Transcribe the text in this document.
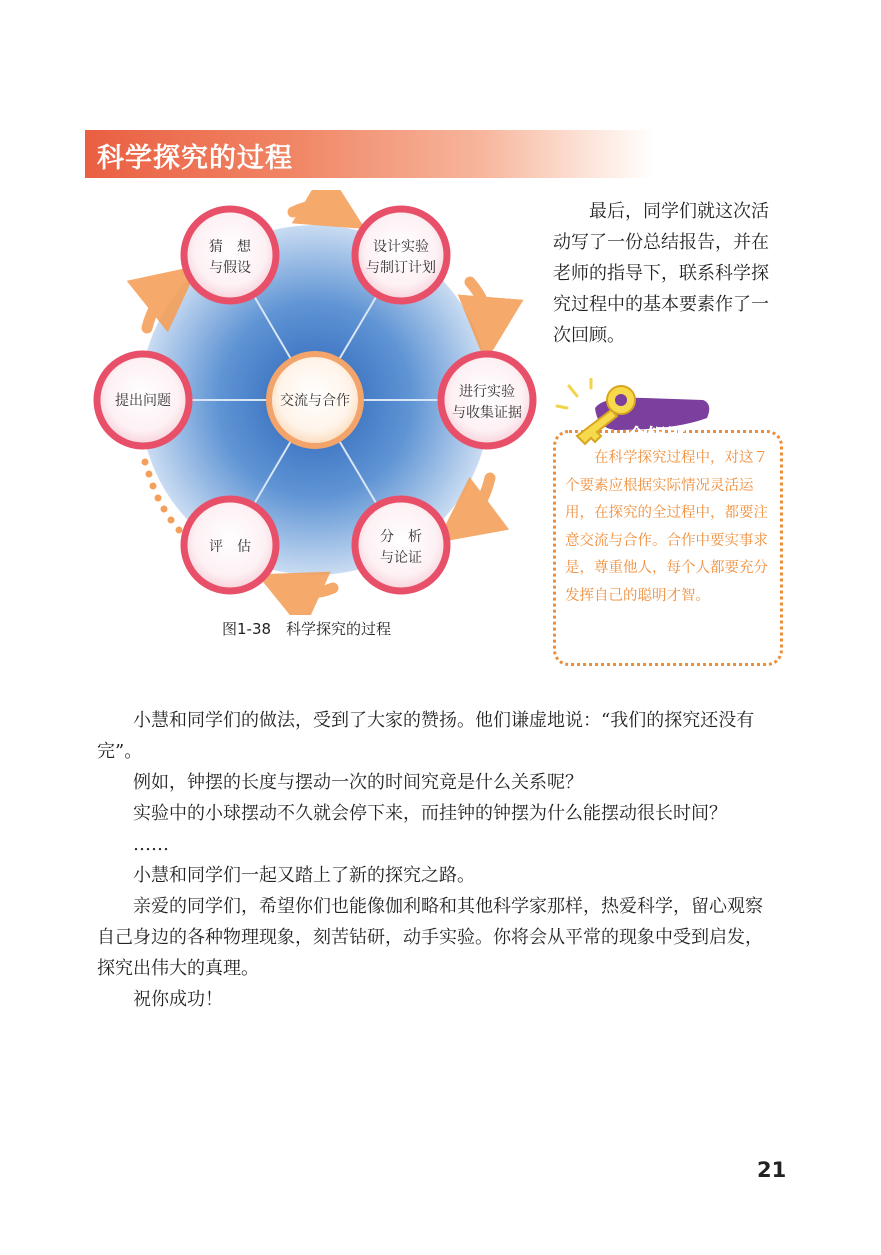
科学探究的过程
猜　想
与假设
设计实验
与制订计划
进行实验
与收集证据
分　析
与论证
评　估
提出问题	交流与合作
图1-38　科学探究的过程

最后，同学们就这次活动写了一份总结报告，并在老师的指导下，联系科学探究过程中的基本要素作了一次回顾。

金钥匙

在科学探究过程中，对这７个要素应根据实际情况灵活运用，在探究的全过程中，都要注意交流与合作。合作中要实事求是，尊重他人，每个人都要充分发挥自己的聪明才智。

小慧和同学们的做法，受到了大家的赞扬。他们谦虚地说：“我们的探究还没有完”。

例如，钟摆的长度与摆动一次的时间究竟是什么关系呢？

实验中的小球摆动不久就会停下来，而挂钟的钟摆为什么能摆动很长时间？

……

小慧和同学们一起又踏上了新的探究之路。

亲爱的同学们，希望你们也能像伽利略和其他科学家那样，热爱科学，留心观察自己身边的各种物理现象，刻苦钻研，动手实验。你将会从平常的现象中受到启发，探究出伟大的真理。

祝你成功！

21
